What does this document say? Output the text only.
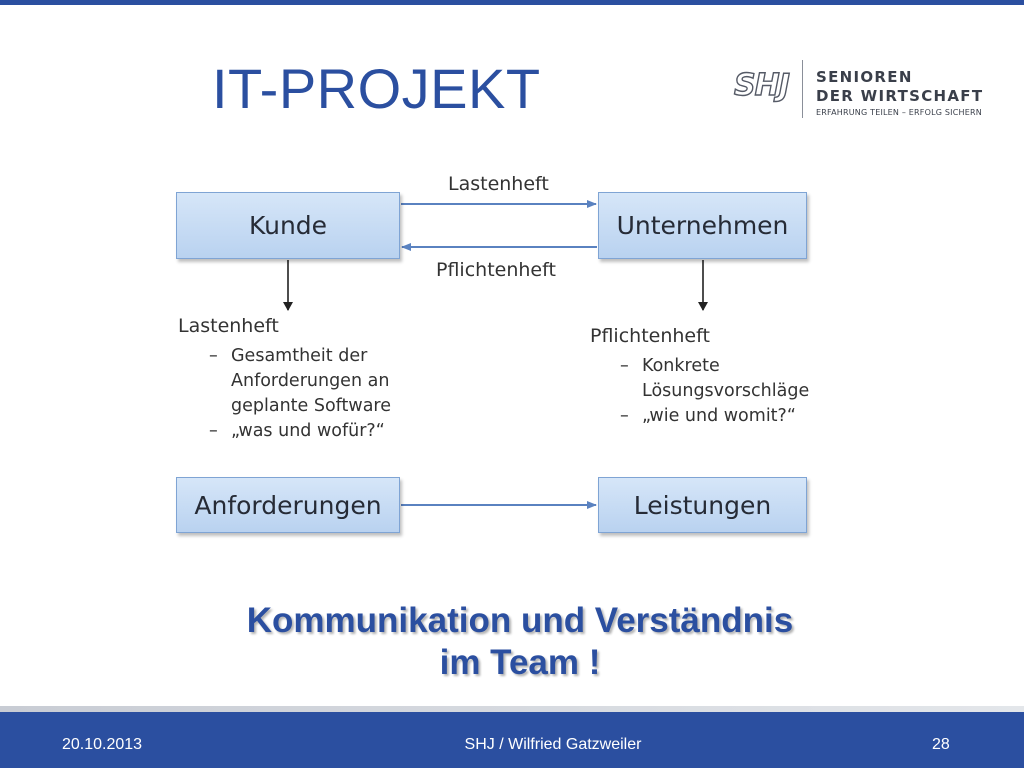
IT-PROJEKT	SHJ SENIOREN
DER WIRTSCHAFT
ERFAHRUNG TEILEN – ERFOLG SICHERN
Kunde	Unternehmen
Anforderungen	Leistungen
Lastenheft
Pflichtenheft
Lastenheft
– Gesamtheit der
Anforderungen an
geplante Software
– „was und wofür?“
Pflichtenheft
– Konkrete
Lösungsvorschläge
– „wie und womit?“
Kommunikation und Verständnis
im Team !
20.10.2013	SHJ / Wilfried Gatzweiler	28
